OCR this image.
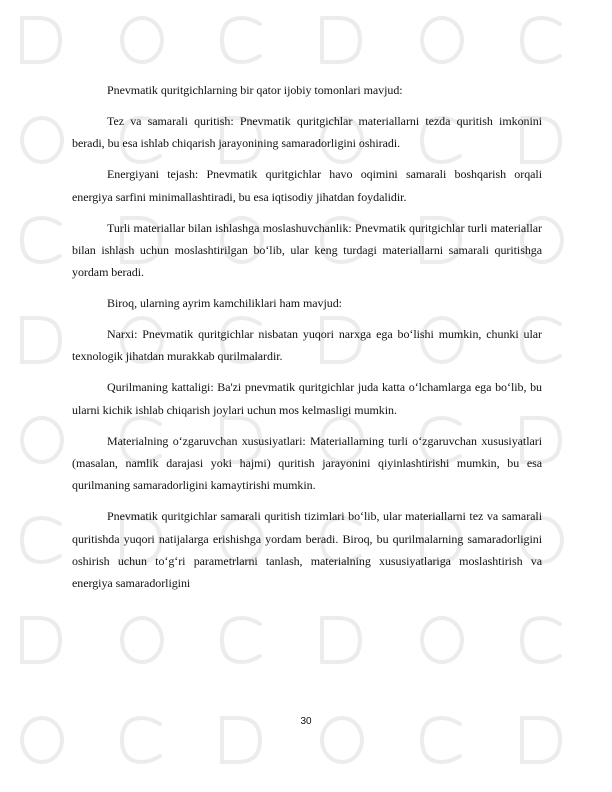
Pnevmatik quritgichlarning bir qator ijobiy tomonlari mavjud:

Tez va samarali quritish: Pnevmatik quritgichlar materiallarni tezda quritish imkonini beradi, bu esa ishlab chiqarish jarayonining samaradorligini oshiradi.

Energiyani tejash: Pnevmatik quritgichlar havo oqimini samarali boshqarish orqali energiya sarfini minimallashtiradi, bu esa iqtisodiy jihatdan foydalidir.

Turli materiallar bilan ishlashga moslashuvchanlik: Pnevmatik quritgichlar turli materiallar bilan ishlash uchun moslashtirilgan bo‘lib, ular keng turdagi materiallarni samarali quritishga yordam beradi.

Biroq, ularning ayrim kamchiliklari ham mavjud:

Narxi: Pnevmatik quritgichlar nisbatan yuqori narxga ega bo‘lishi mumkin, chunki ular texnologik jihatdan murakkab qurilmalardir.

Qurilmaning kattaligi: Ba'zi pnevmatik quritgichlar juda katta o‘lchamlarga ega bo‘lib, bu ularni kichik ishlab chiqarish joylari uchun mos kelmasligi mumkin.

Materialning o‘zgaruvchan xususiyatlari: Materiallarning turli o‘zgaruvchan xususiyatlari (masalan, namlik darajasi yoki hajmi) quritish jarayonini qiyinlashtirishi mumkin, bu esa qurilmaning samaradorligini kamaytirishi mumkin.

Pnevmatik quritgichlar samarali quritish tizimlari bo‘lib, ular materiallarni tez va samarali quritishda yuqori natijalarga erishishga yordam beradi. Biroq, bu qurilmalarning samaradorligini oshirish uchun to‘g‘ri parametrlarni tanlash, materialning xususiyatlariga moslashtirish va energiya samaradorligini

30
